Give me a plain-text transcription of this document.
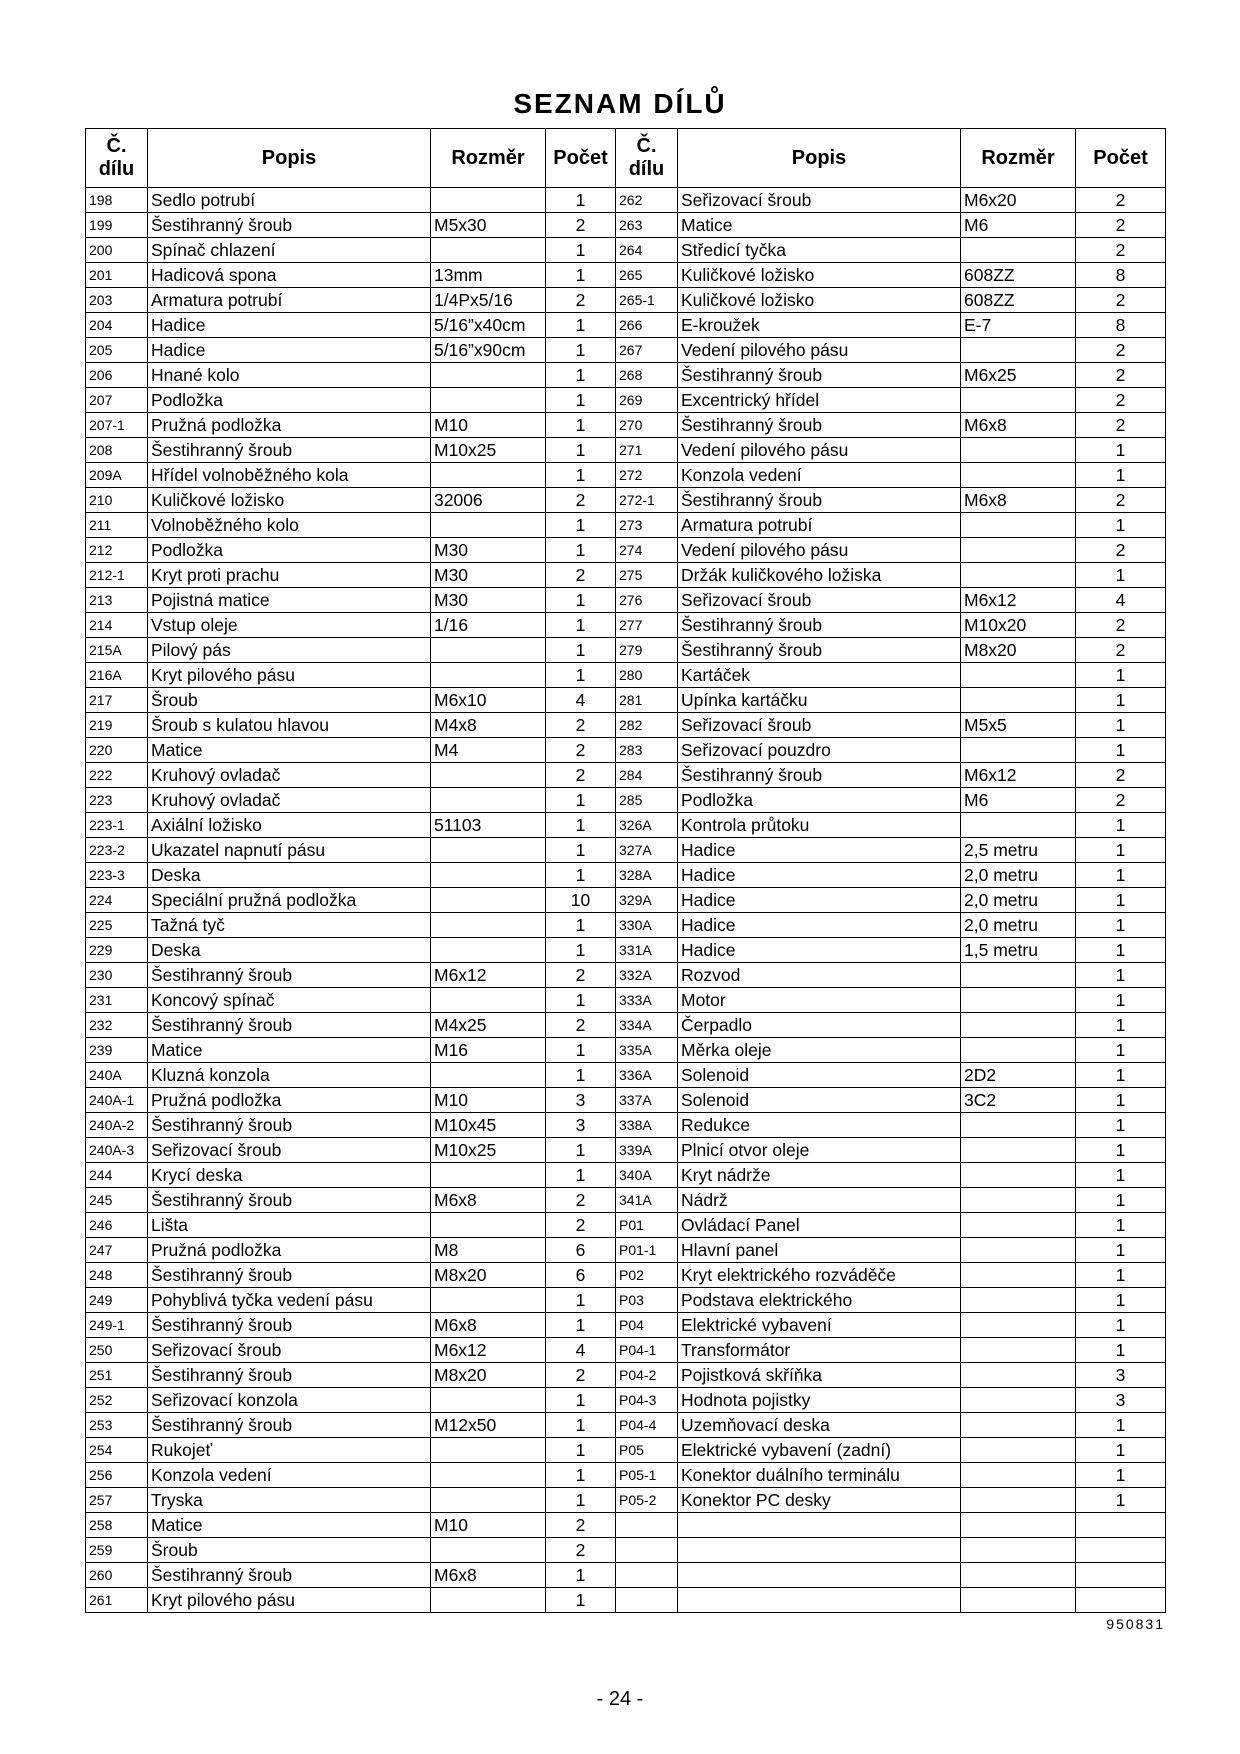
SEZNAM DÍLŮ
Č.
dílu	Popis	Rozměr	Počet	Č.
dílu	Popis	Rozměr	Počet
198	Sedlo potrubí		1	262	Seřizovací šroub	M6x20	2
199	Šestihranný šroub	M5x30	2	263	Matice	M6	2
200	Spínač chlazení		1	264	Středicí tyčka		2
201	Hadicová spona	13mm	1	265	Kuličkové ložisko	608ZZ	8
203	Armatura potrubí	1/4Px5/16	2	265-1	Kuličkové ložisko	608ZZ	2
204	Hadice	5/16”x40cm	1	266	E-kroužek	E-7	8
205	Hadice	5/16”x90cm	1	267	Vedení pilového pásu		2
206	Hnané kolo		1	268	Šestihranný šroub	M6x25	2
207	Podložka		1	269	Excentrický hřídel		2
207-1	Pružná podložka	M10	1	270	Šestihranný šroub	M6x8	2
208	Šestihranný šroub	M10x25	1	271	Vedení pilového pásu		1
209A	Hřídel volnoběžného kola		1	272	Konzola vedení		1
210	Kuličkové ložisko	32006	2	272-1	Šestihranný šroub	M6x8	2
211	Volnoběžného kolo		1	273	Armatura potrubí		1
212	Podložka	M30	1	274	Vedení pilového pásu		2
212-1	Kryt proti prachu	M30	2	275	Držák kuličkového ložiska		1
213	Pojistná matice	M30	1	276	Seřizovací šroub	M6x12	4
214	Vstup oleje	1/16	1	277	Šestihranný šroub	M10x20	2
215A	Pilový pás		1	279	Šestihranný šroub	M8x20	2
216A	Kryt pilového pásu		1	280	Kartáček		1
217	Šroub	M6x10	4	281	Upínka kartáčku		1
219	Šroub s kulatou hlavou	M4x8	2	282	Seřizovací šroub	M5x5	1
220	Matice	M4	2	283	Seřizovací pouzdro		1
222	Kruhový ovladač		2	284	Šestihranný šroub	M6x12	2
223	Kruhový ovladač		1	285	Podložka	M6	2
223-1	Axiální ložisko	51103	1	326A	Kontrola průtoku		1
223-2	Ukazatel napnutí pásu		1	327A	Hadice	2,5 metru	1
223-3	Deska		1	328A	Hadice	2,0 metru	1
224	Speciální pružná podložka		10	329A	Hadice	2,0 metru	1
225	Tažná tyč		1	330A	Hadice	2,0 metru	1
229	Deska		1	331A	Hadice	1,5 metru	1
230	Šestihranný šroub	M6x12	2	332A	Rozvod		1
231	Koncový spínač		1	333A	Motor		1
232	Šestihranný šroub	M4x25	2	334A	Čerpadlo		1
239	Matice	M16	1	335A	Měrka oleje		1
240A	Kluzná konzola		1	336A	Solenoid	2D2	1
240A-1	Pružná podložka	M10	3	337A	Solenoid	3C2	1
240A-2	Šestihranný šroub	M10x45	3	338A	Redukce		1
240A-3	Seřizovací šroub	M10x25	1	339A	Plnicí otvor oleje		1
244	Krycí deska		1	340A	Kryt nádrže		1
245	Šestihranný šroub	M6x8	2	341A	Nádrž		1
246	Lišta		2	P01	Ovládací Panel		1
247	Pružná podložka	M8	6	P01-1	Hlavní panel		1
248	Šestihranný šroub	M8x20	6	P02	Kryt elektrického rozváděče		1
249	Pohyblivá tyčka vedení pásu		1	P03	Podstava elektrického		1
249-1	Šestihranný šroub	M6x8	1	P04	Elektrické vybavení		1
250	Seřizovací šroub	M6x12	4	P04-1	Transformátor		1
251	Šestihranný šroub	M8x20	2	P04-2	Pojistková skříňka		3
252	Seřizovací konzola		1	P04-3	Hodnota pojistky		3
253	Šestihranný šroub	M12x50	1	P04-4	Uzemňovací deska		1
254	Rukojeť		1	P05	Elektrické vybavení (zadní)		1
256	Konzola vedení		1	P05-1	Konektor duálního terminálu		1
257	Tryska		1	P05-2	Konektor PC desky		1
258	Matice	M10	2				
259	Šroub		2				
260	Šestihranný šroub	M6x8	1				
261	Kryt pilového pásu		1				
950831
- 24 -
